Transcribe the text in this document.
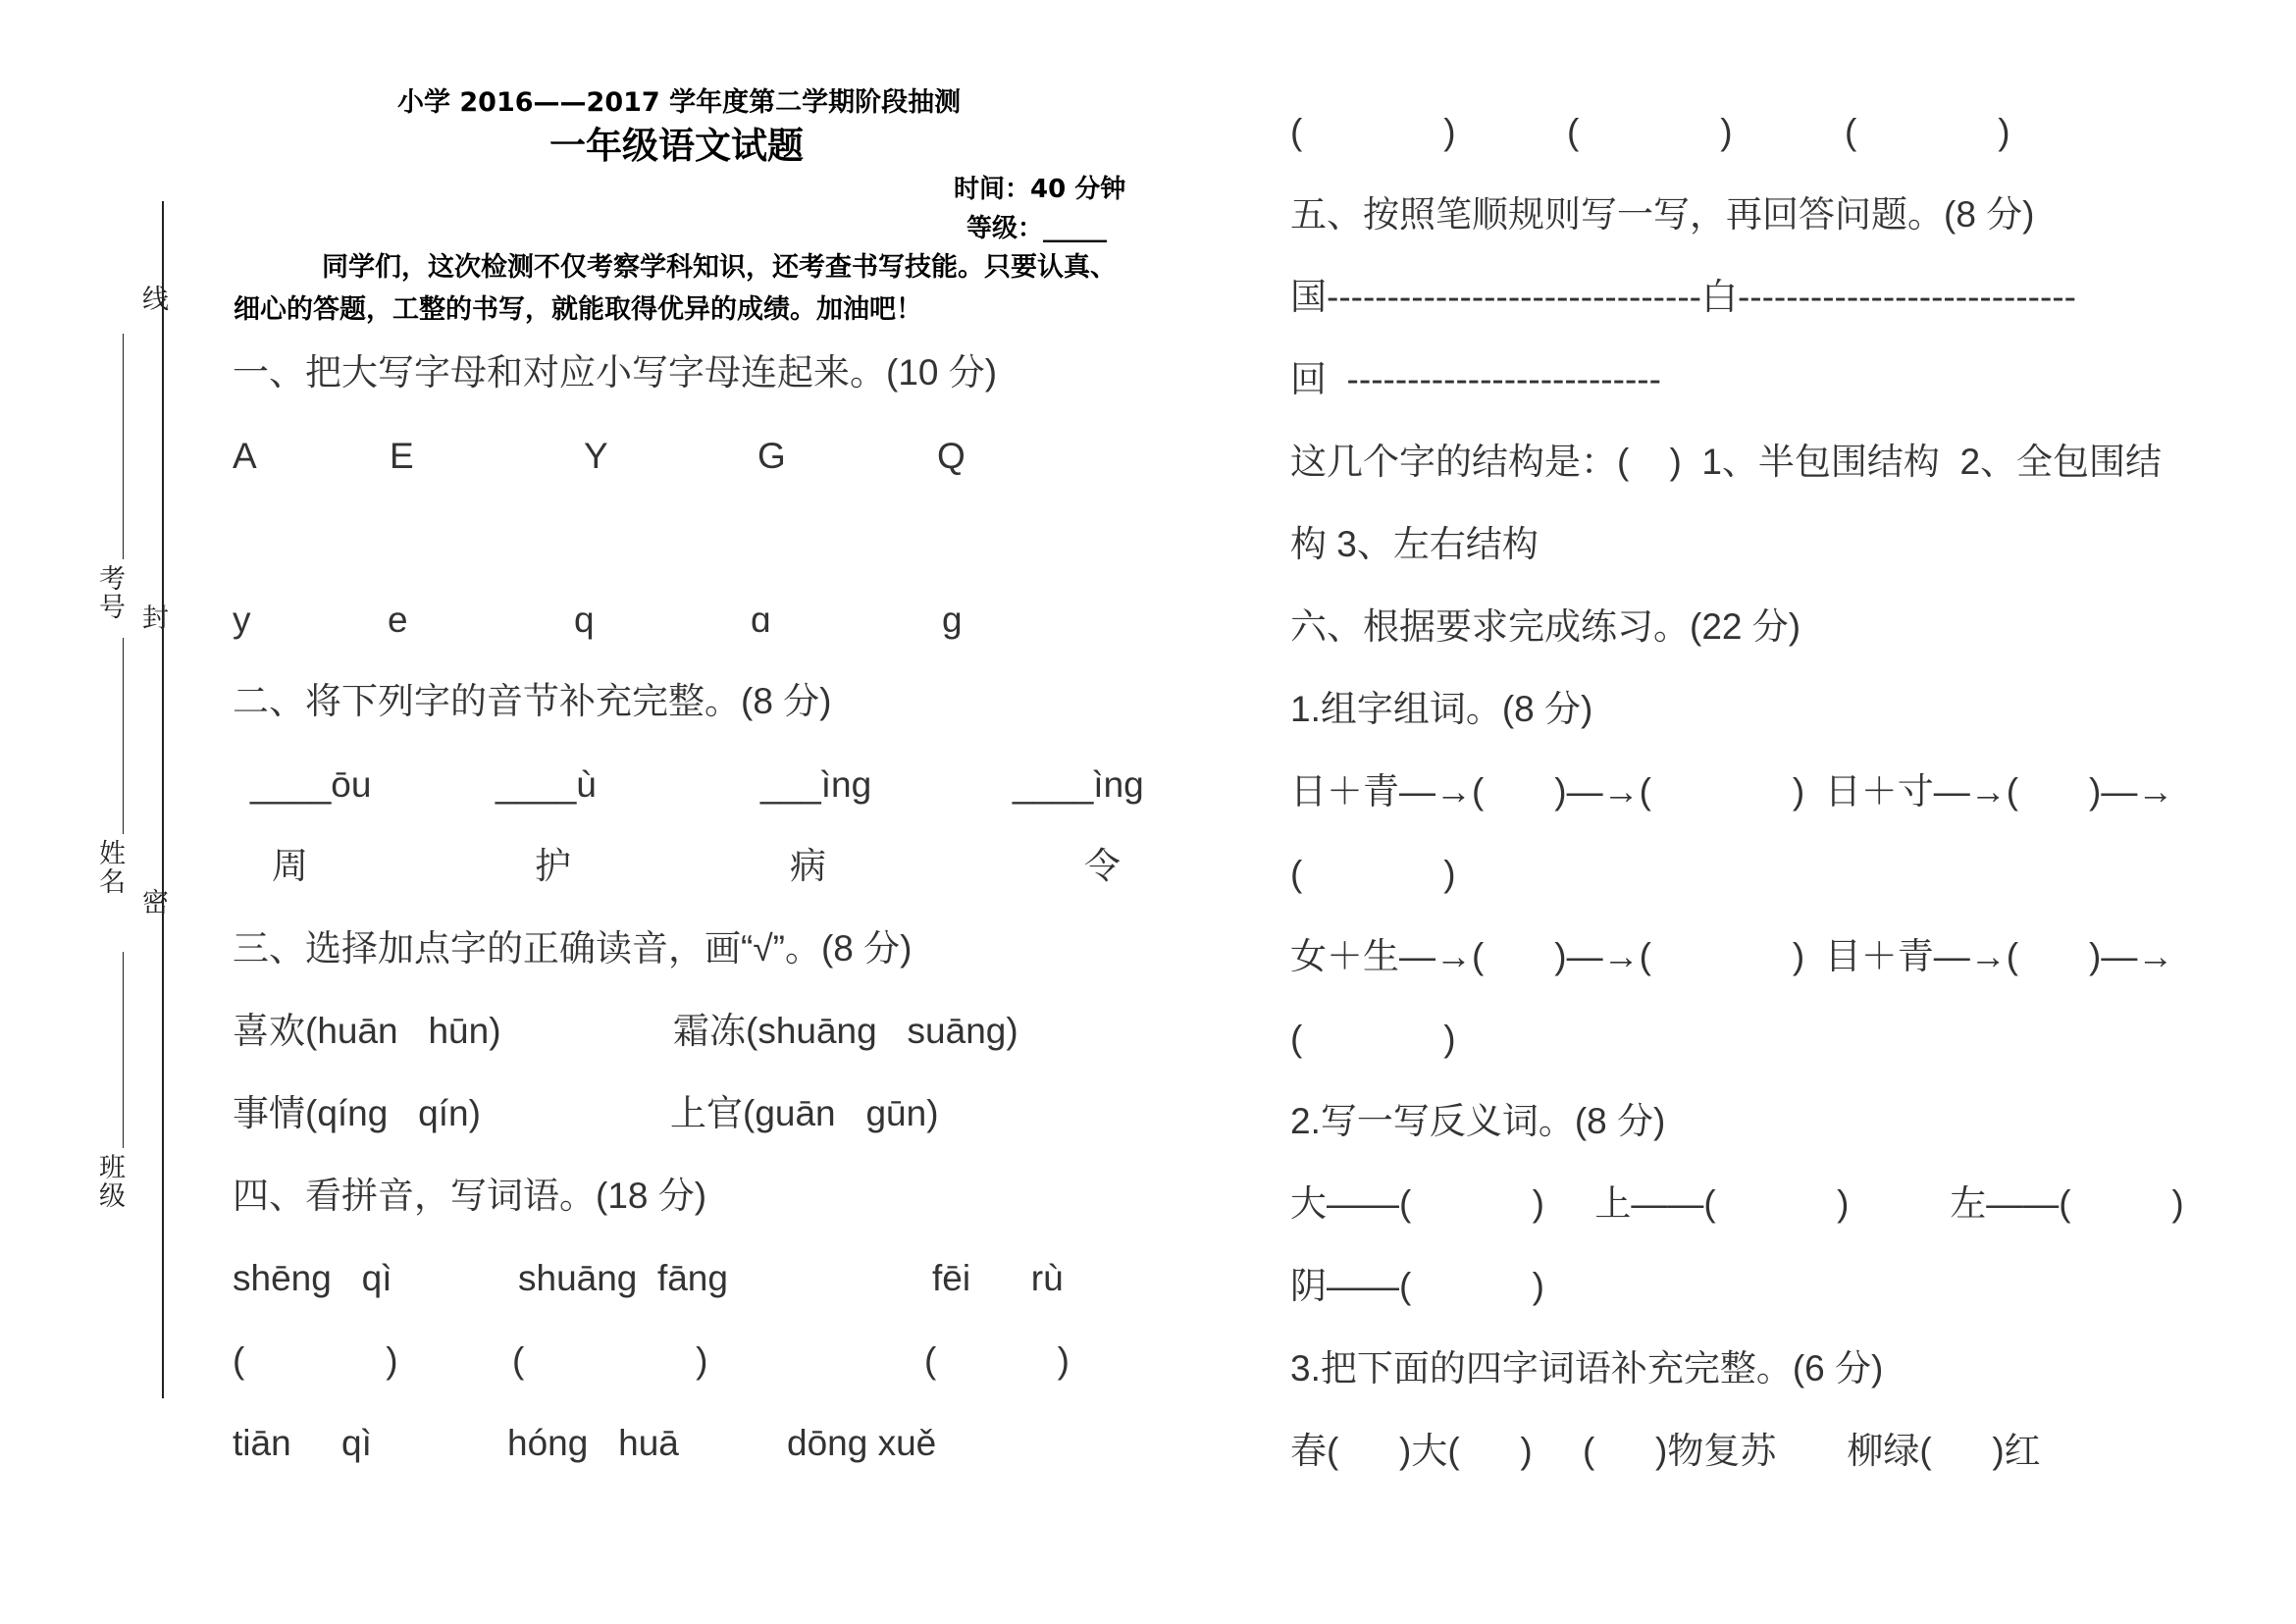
小学 2016——2017 学年度第二学期阶段抽测
一年级语文试题
时间：40 分钟
等级：_____
同学们，这次检测不仅考察学科知识，还考查书写技能。只要认真、
细心的答题，工整的书写，就能取得优异的成绩。加油吧！
线
考号 封
姓名
密
班级
一、把大写字母和对应小写字母连起来。(10 分)
A	E	Y	G	Q
y	e	q	ɑ	ɡ
二、将下列字的音节补充完整。(8 分)
____ōu	____ù	___ìnɡ	____ìnɡ
周	护	病	令
三、选择加点字的正确读音，画“√”。(8 分)
喜欢(huān   hūn)	霜冻(shuānɡ   suānɡ)
事情(qínɡ   qín)	上官(ɡuān   ɡūn)
四、看拼音，写词语。(18 分)
shēnɡ   qì	shuānɡ  fānɡ	fēi      rù
(              )	(                 )	(            )
tiān     qì	hónɡ   huā	dōnɡ xuě
(              )	(              )	(              )
五、按照笔顺规则写一写，再回答问题。(8 分)
国-------------------------------白----------------------------
回  --------------------------
这几个字的结构是：(    )  1、半包围结构  2、全包围结
构 3、左右结构
六、根据要求完成练习。(22 分)
1.组字组词。(8 分)
日＋青—→(       )—→(              )  日＋寸—→(       )—→
(              )
女＋生—→(       )—→(              )  目＋青—→(       )—→
(              )
2.写一写反义词。(8 分)
大——(            )     上——(            )          左——(          )
阴——(            )
3.把下面的四字词语补充完整。(6 分)
春(      )大(      )     (      )物复苏       柳绿(      )红
